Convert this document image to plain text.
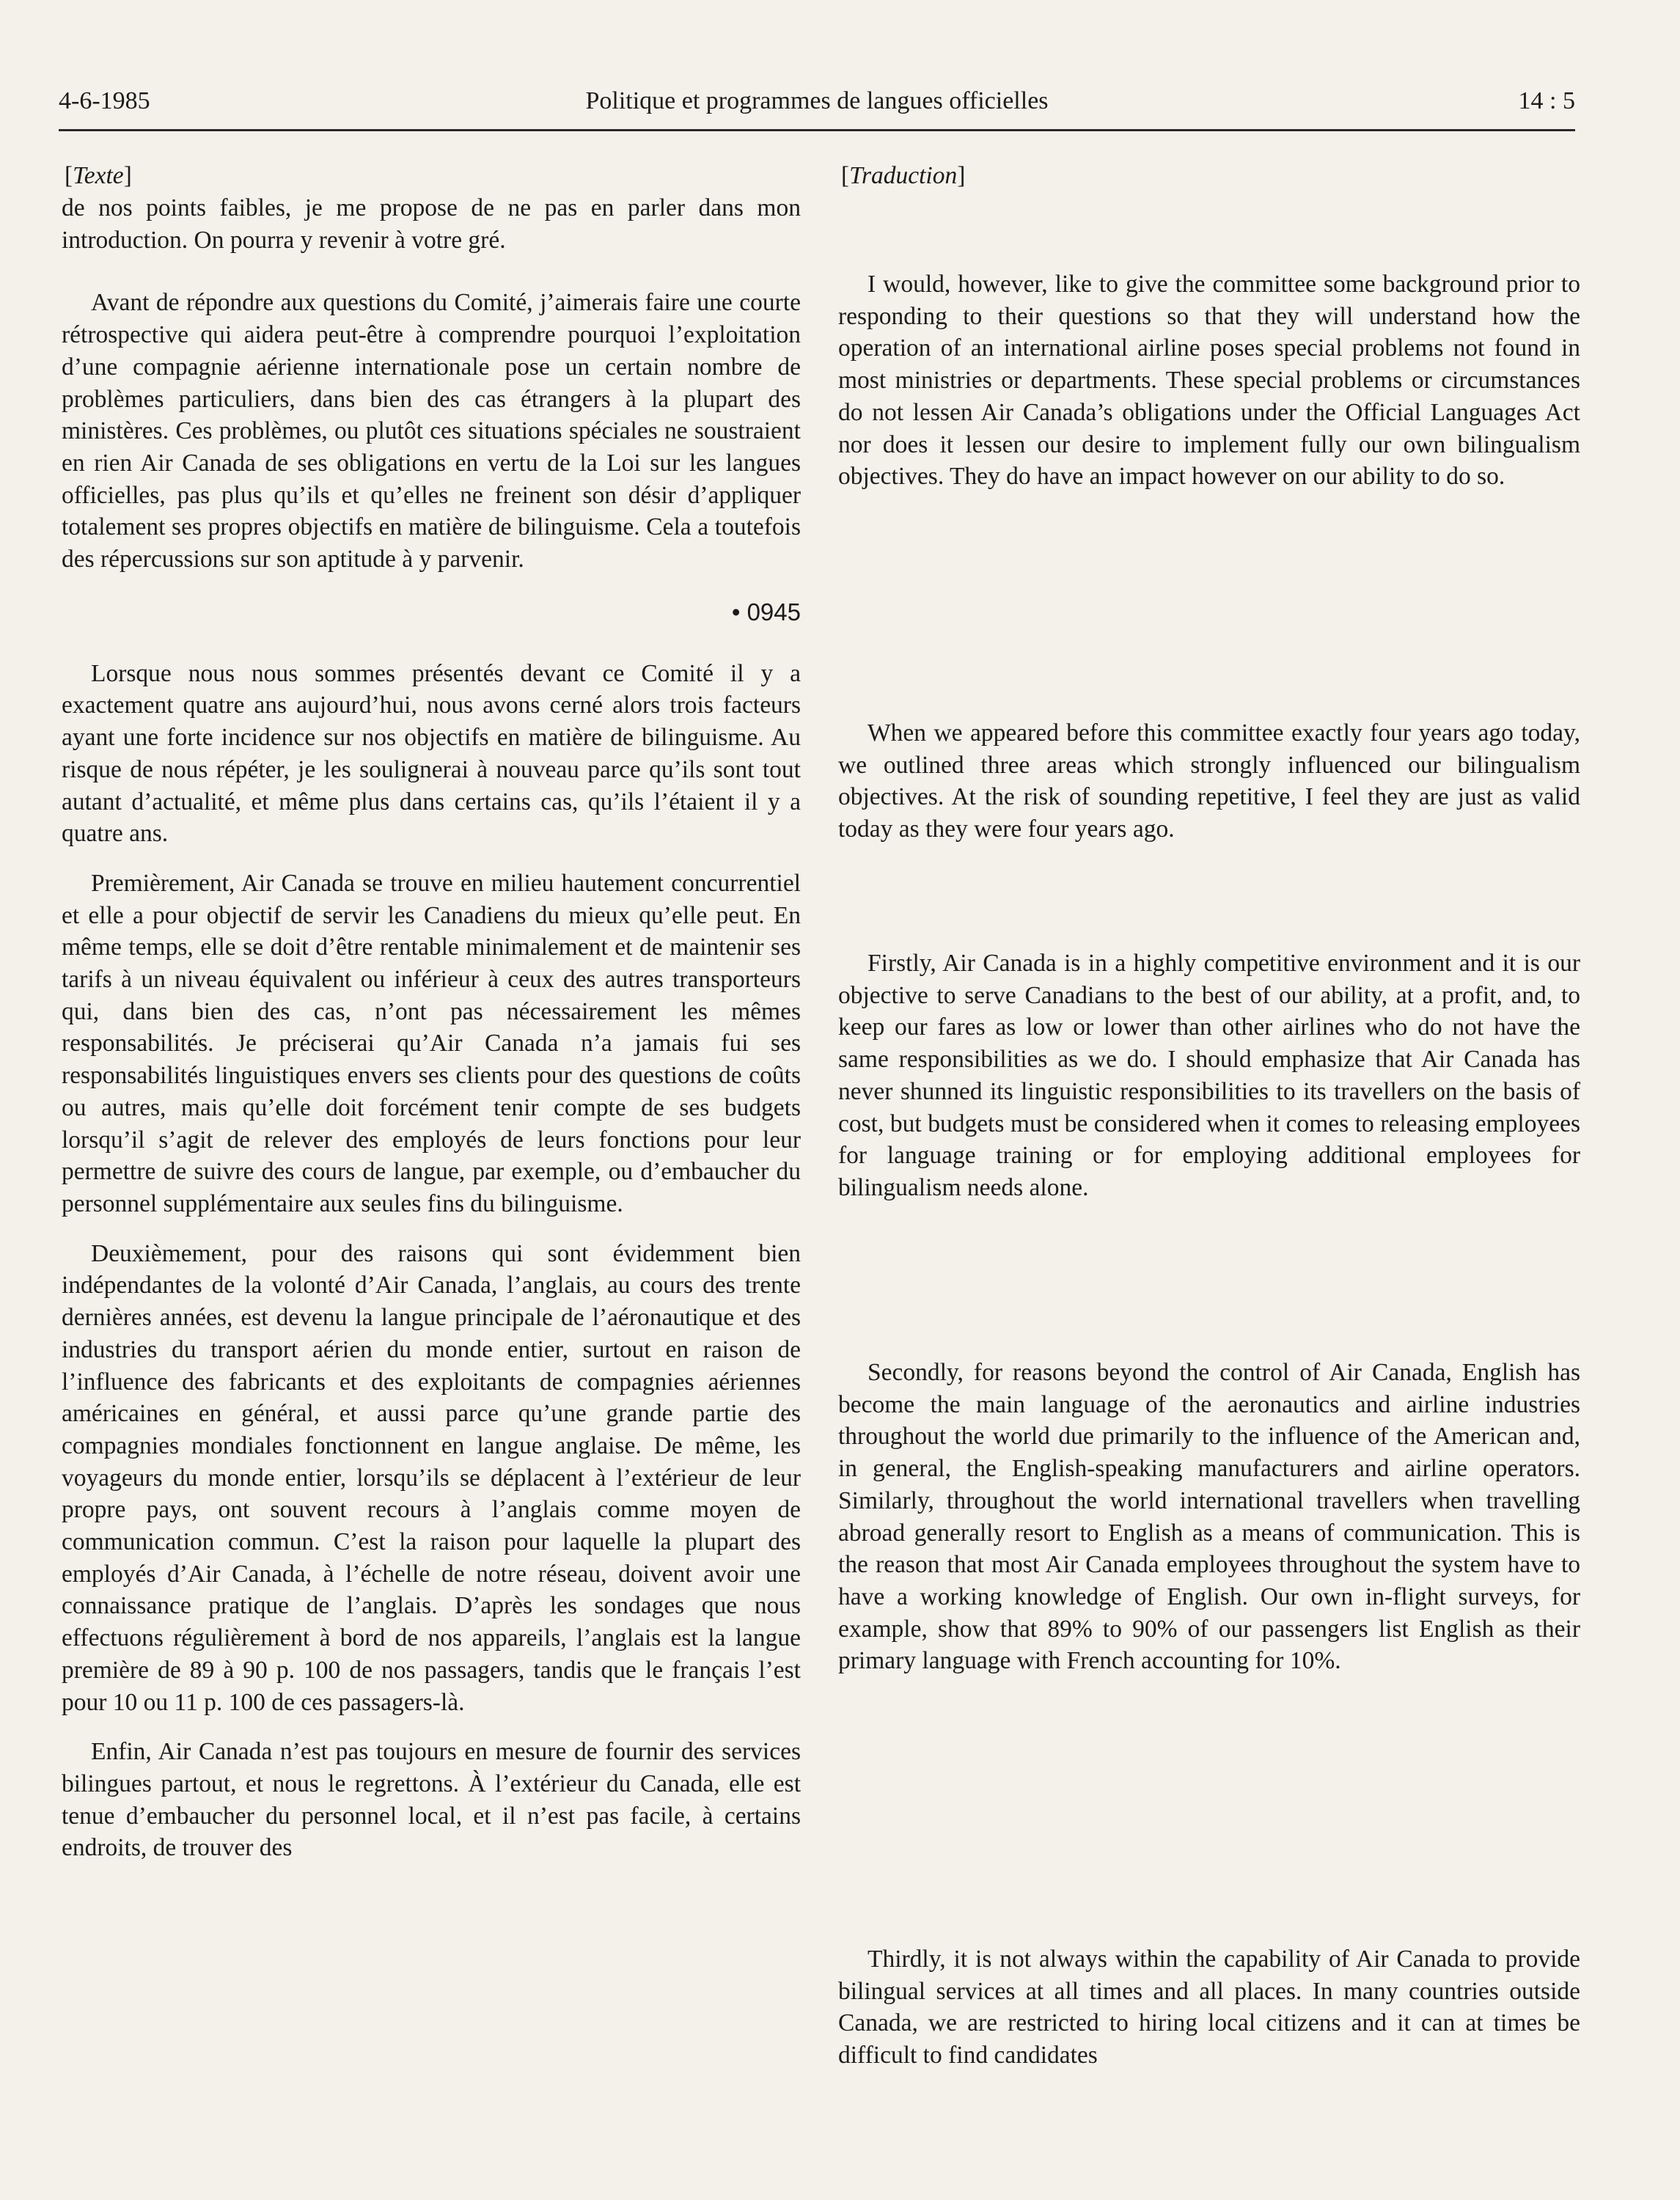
4-6-1985	Politique et programmes de langues officielles	14 : 5
[Texte]

de nos points faibles, je me propose de ne pas en parler dans mon introduction. On pourra y revenir à votre gré.

Avant de répondre aux questions du Comité, j’aimerais faire une courte rétrospective qui aidera peut-être à comprendre pourquoi l’exploitation d’une compagnie aérienne internationale pose un certain nombre de problèmes particuliers, dans bien des cas étrangers à la plupart des ministères. Ces problèmes, ou plutôt ces situations spéciales ne soustraient en rien Air Canada de ses obligations en vertu de la Loi sur les langues officielles, pas plus qu’ils et qu’elles ne freinent son désir d’appliquer totalement ses propres objectifs en matière de bilinguisme. Cela a toutefois des répercussions sur son aptitude à y parvenir.

• 0945

Lorsque nous nous sommes présentés devant ce Comité il y a exactement quatre ans aujourd’hui, nous avons cerné alors trois facteurs ayant une forte incidence sur nos objectifs en matière de bilinguisme. Au risque de nous répéter, je les soulignerai à nouveau parce qu’ils sont tout autant d’actualité, et même plus dans certains cas, qu’ils l’étaient il y a quatre ans.

Premièrement, Air Canada se trouve en milieu hautement concurrentiel et elle a pour objectif de servir les Canadiens du mieux qu’elle peut. En même temps, elle se doit d’être rentable minimalement et de maintenir ses tarifs à un niveau équivalent ou inférieur à ceux des autres transporteurs qui, dans bien des cas, n’ont pas nécessairement les mêmes responsabilités. Je préciserai qu’Air Canada n’a jamais fui ses responsabilités linguistiques envers ses clients pour des questions de coûts ou autres, mais qu’elle doit forcément tenir compte de ses budgets lorsqu’il s’agit de relever des employés de leurs fonctions pour leur permettre de suivre des cours de langue, par exemple, ou d’embaucher du personnel supplémentaire aux seules fins du bilinguisme.

Deuxièmement, pour des raisons qui sont évidemment bien indépendantes de la volonté d’Air Canada, l’anglais, au cours des trente dernières années, est devenu la langue principale de l’aéronautique et des industries du transport aérien du monde entier, surtout en raison de l’influence des fabricants et des exploitants de compagnies aériennes américaines en général, et aussi parce qu’une grande partie des compagnies mondiales fonctionnent en langue anglaise. De même, les voyageurs du monde entier, lorsqu’ils se déplacent à l’extérieur de leur propre pays, ont souvent recours à l’anglais comme moyen de communication commun. C’est la raison pour laquelle la plupart des employés d’Air Canada, à l’échelle de notre réseau, doivent avoir une connaissance pratique de l’anglais. D’après les sondages que nous effectuons régulièrement à bord de nos appareils, l’anglais est la langue première de 89 à 90 p. 100 de nos passagers, tandis que le français l’est pour 10 ou 11 p. 100 de ces passagers-là.

Enfin, Air Canada n’est pas toujours en mesure de fournir des services bilingues partout, et nous le regrettons. À l’extérieur du Canada, elle est tenue d’embaucher du personnel local, et il n’est pas facile, à certains endroits, de trouver des

[Traduction]

I would, however, like to give the committee some background prior to responding to their questions so that they will understand how the operation of an international airline poses special problems not found in most ministries or departments. These special problems or circumstances do not lessen Air Canada’s obligations under the Official Languages Act nor does it lessen our desire to implement fully our own bilingualism objectives. They do have an impact however on our ability to do so.

When we appeared before this committee exactly four years ago today, we outlined three areas which strongly influenced our bilingualism objectives. At the risk of sounding repetitive, I feel they are just as valid today as they were four years ago.

Firstly, Air Canada is in a highly competitive environment and it is our objective to serve Canadians to the best of our ability, at a profit, and, to keep our fares as low or lower than other airlines who do not have the same responsibilities as we do. I should emphasize that Air Canada has never shunned its linguistic responsibilities to its travellers on the basis of cost, but budgets must be considered when it comes to releasing employees for language training or for employing additional employees for bilingualism needs alone.

Secondly, for reasons beyond the control of Air Canada, English has become the main language of the aeronautics and airline industries throughout the world due primarily to the influence of the American and, in general, the English-speaking manufacturers and airline operators. Similarly, throughout the world international travellers when travelling abroad generally resort to English as a means of communication. This is the reason that most Air Canada employees throughout the system have to have a working knowledge of English. Our own in-flight surveys, for example, show that 89% to 90% of our passengers list English as their primary language with French accounting for 10%.

Thirdly, it is not always within the capability of Air Canada to provide bilingual services at all times and all places. In many countries outside Canada, we are restricted to hiring local citizens and it can at times be difficult to find candidates
